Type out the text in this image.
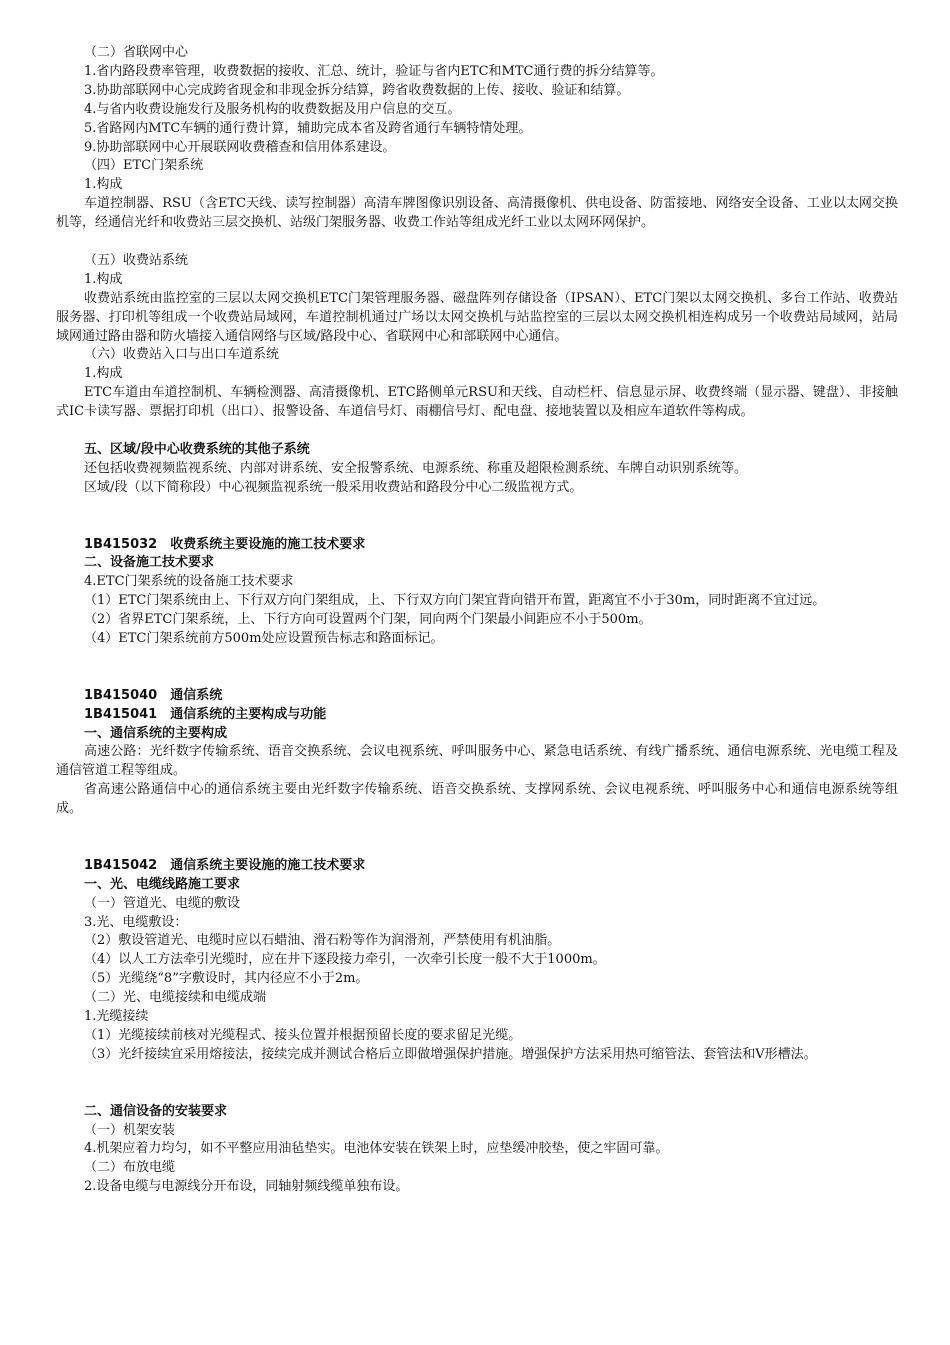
（二）省联网中心
1.省内路段费率管理，收费数据的接收、汇总、统计，验证与省内ETC和MTC通行费的拆分结算等。
3.协助部联网中心完成跨省现金和非现金拆分结算，跨省收费数据的上传、接收、验证和结算。
4.与省内收费设施发行及服务机构的收费数据及用户信息的交互。
5.省路网内MTC车辆的通行费计算，辅助完成本省及跨省通行车辆特情处理。
9.协助部联网中心开展联网收费稽查和信用体系建设。
（四）ETC门架系统
1.构成

车道控制器、RSU（含ETC天线、读写控制器）高清车牌图像识别设备、高清摄像机、供电设备、防雷接地、网络安全设备、工业以太网交换机等，经通信光纤和收费站三层交换机、站级门架服务器、收费工作站等组成光纤工业以太网环网保护。

（五）收费站系统
1.构成

收费站系统由监控室的三层以太网交换机ETC门架管理服务器、磁盘阵列存储设备（IPSAN）、ETC门架以太网交换机、多台工作站、收费站服务器、打印机等组成一个收费站局域网，车道控制机通过广场以太网交换机与站监控室的三层以太网交换机相连构成另一个收费站局域网，站局域网通过路由器和防火墙接入通信网络与区域/路段中心、省联网中心和部联网中心通信。

（六）收费站入口与出口车道系统
1.构成

ETC车道由车道控制机、车辆检测器、高清摄像机、ETC路侧单元RSU和天线、自动栏杆、信息显示屏、收费终端（显示器、键盘）、非接触式IC卡读写器、票据打印机（出口）、报警设备、车道信号灯、雨棚信号灯、配电盘、接地装置以及相应车道软件等构成。

五、区域/段中心收费系统的其他子系统
还包括收费视频监视系统、内部对讲系统、安全报警系统、电源系统、称重及超限检测系统、车牌自动识别系统等。
区域/段（以下简称段）中心视频监视系统一般采用收费站和路段分中心二级监视方式。
1B415032　收费系统主要设施的施工技术要求
二、设备施工技术要求
4.ETC门架系统的设备施工技术要求

（1）ETC门架系统由上、下行双方向门架组成，上、下行双方向门架宜背向错开布置，距离宜不小于30m，同时距离不宜过远。

（2）省界ETC门架系统，上、下行方向可设置两个门架，同向两个门架最小间距应不小于500m。
（4）ETC门架系统前方500m处应设置预告标志和路面标记。
1B415040　通信系统
1B415041　通信系统的主要构成与功能
一、通信系统的主要构成

高速公路：光纤数字传输系统、语音交换系统、会议电视系统、呼叫服务中心、紧急电话系统、有线广播系统、通信电源系统、光电缆工程及通信管道工程等组成。

省高速公路通信中心的通信系统主要由光纤数字传输系统、语音交换系统、支撑网系统、会议电视系统、呼叫服务中心和通信电源系统等组成。

1B415042　通信系统主要设施的施工技术要求
一、光、电缆线路施工要求
（一）管道光、电缆的敷设
3.光、电缆敷设：
（2）敷设管道光、电缆时应以石蜡油、滑石粉等作为润滑剂，严禁使用有机油脂。
（4）以人工方法牵引光缆时，应在井下逐段接力牵引，一次牵引长度一般不大于1000m。
（5）光缆绕“8”字敷设时，其内径应不小于2m。
（二）光、电缆接续和电缆成端
1.光缆接续
（1）光缆接续前核对光缆程式、接头位置并根据预留长度的要求留足光缆。

（3）光纤接续宜采用熔接法，接续完成并测试合格后立即做增强保护措施。增强保护方法采用热可缩管法、套管法和V形槽法。

二、通信设备的安装要求
（一）机架安装
4.机架应着力均匀，如不平整应用油毡垫实。电池体安装在铁架上时，应垫缓冲胶垫，使之牢固可靠。
（二）布放电缆
2.设备电缆与电源线分开布设，同轴射频线缆单独布设。
